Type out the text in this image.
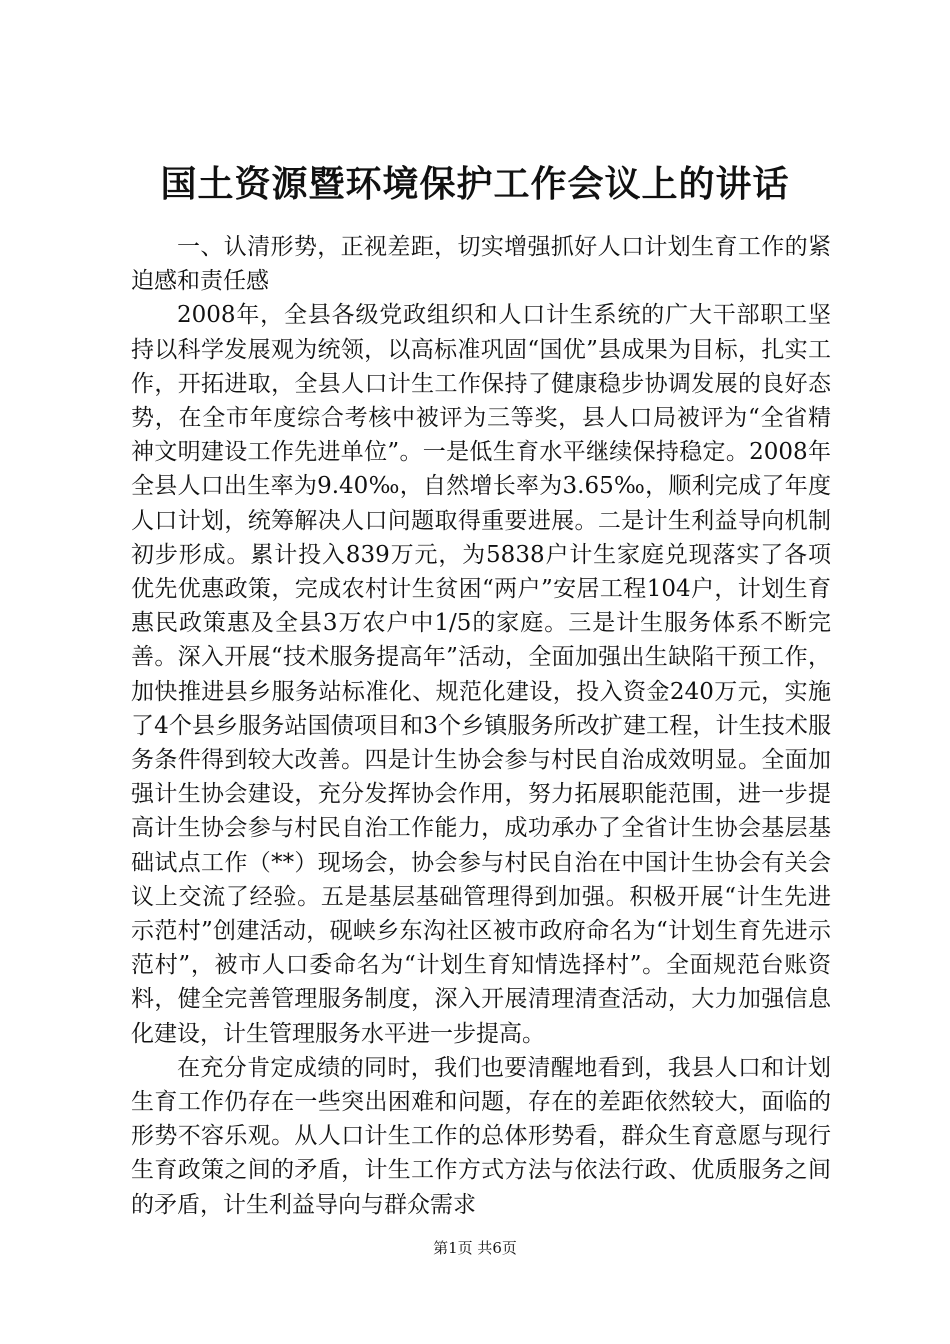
国土资源暨环境保护工作会议上的讲话

一、认清形势，正视差距，切实增强抓好人口计划生育工作的紧迫感和责任感

2008年，全县各级党政组织和人口计生系统的广大干部职工坚持以科学发展观为统领，以高标准巩固“国优”县成果为目标，扎实工作，开拓进取，全县人口计生工作保持了健康稳步协调发展的良好态势，在全市年度综合考核中被评为三等奖，县人口局被评为“全省精神文明建设工作先进单位”。一是低生育水平继续保持稳定。2008年全县人口出生率为9.40‰，自然增长率为3.65‰，顺利完成了年度人口计划，统筹解决人口问题取得重要进展。二是计生利益导向机制初步形成。累计投入839万元，为5838户计生家庭兑现落实了各项优先优惠政策，完成农村计生贫困“两户”安居工程104户，计划生育惠民政策惠及全县3万农户中1/5的家庭。三是计生服务体系不断完善。深入开展“技术服务提高年”活动，全面加强出生缺陷干预工作，加快推进县乡服务站标准化、规范化建设，投入资金240万元，实施了4个县乡服务站国债项目和3个乡镇服务所改扩建工程，计生技术服务条件得到较大改善。四是计生协会参与村民自治成效明显。全面加强计生协会建设，充分发挥协会作用，努力拓展职能范围，进一步提高计生协会参与村民自治工作能力，成功承办了全省计生协会基层基础试点工作（**）现场会，协会参与村民自治在中国计生协会有关会议上交流了经验。五是基层基础管理得到加强。积极开展“计生先进示范村”创建活动，砚峡乡东沟社区被市政府命名为“计划生育先进示范村”，被市人口委命名为“计划生育知情选择村”。全面规范台账资料，健全完善管理服务制度，深入开展清理清查活动，大力加强信息化建设，计生管理服务水平进一步提高。

在充分肯定成绩的同时，我们也要清醒地看到，我县人口和计划生育工作仍存在一些突出困难和问题，存在的差距依然较大，面临的形势不容乐观。从人口计生工作的总体形势看，群众生育意愿与现行生育政策之间的矛盾，计生工作方式方法与依法行政、优质服务之间的矛盾，计生利益导向与群众需求

第1页 共6页
